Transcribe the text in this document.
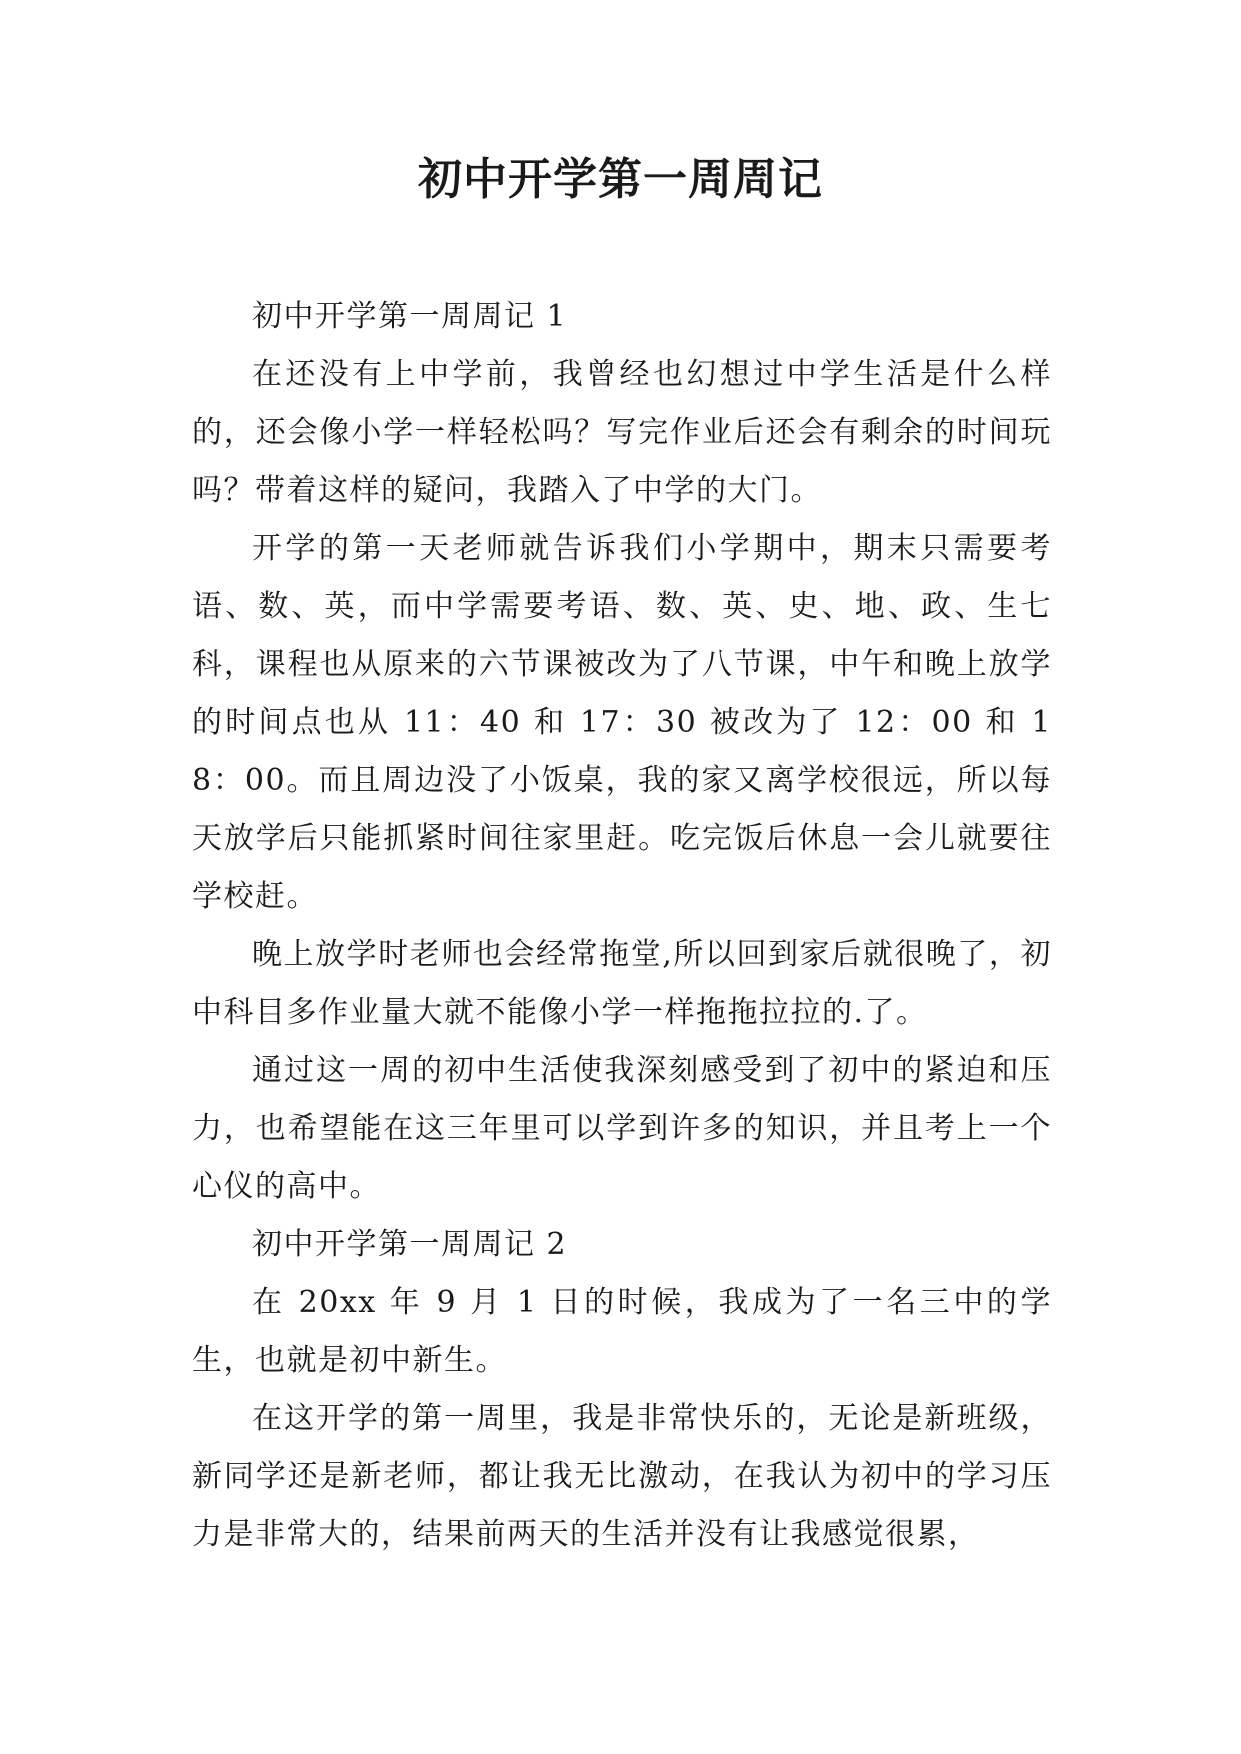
初中开学第一周周记

初中开学第一周周记 1

在还没有上中学前，我曾经也幻想过中学生活是什么样的，还会像小学一样轻松吗？写完作业后还会有剩余的时间玩吗？带着这样的疑问，我踏入了中学的大门。

开学的第一天老师就告诉我们小学期中，期末只需要考语、数、英，而中学需要考语、数、英、史、地、政、生七科，课程也从原来的六节课被改为了八节课，中午和晚上放学的时间点也从 11：40 和 17：30 被改为了 12：00 和 18：00。而且周边没了小饭桌，我的家又离学校很远，所以每天放学后只能抓紧时间往家里赶。吃完饭后休息一会儿就要往学校赶。

晚上放学时老师也会经常拖堂,所以回到家后就很晚了，初中科目多作业量大就不能像小学一样拖拖拉拉的.了。

通过这一周的初中生活使我深刻感受到了初中的紧迫和压力，也希望能在这三年里可以学到许多的知识，并且考上一个心仪的高中。

初中开学第一周周记 2

在 20xx 年 9 月 1 日的时候，我成为了一名三中的学生，也就是初中新生。

在这开学的第一周里，我是非常快乐的，无论是新班级，新同学还是新老师，都让我无比激动，在我认为初中的学习压力是非常大的，结果前两天的生活并没有让我感觉很累，
